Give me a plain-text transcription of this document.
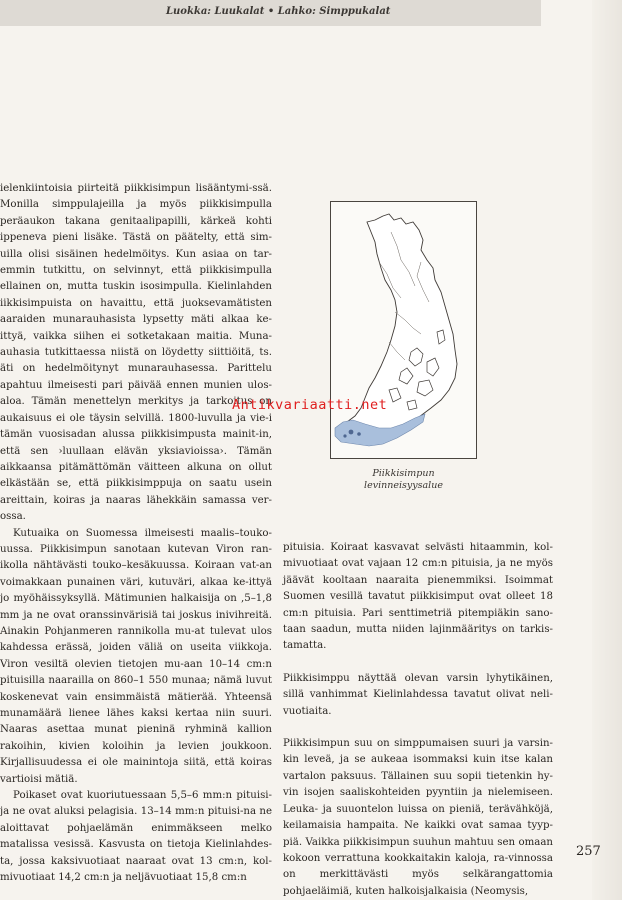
Luokka: Luukalat • Lahko: Simppukalat

ielenkiintoisia piirteitä piikkisimpun lisääntymi-ssä. Monilla simppulajeilla ja myös piikkisimpulla peräaukon takana genitaalipapilli, kärkeä kohti ippeneva pieni lisäke. Tästä on päätelty, että sim-uilla olisi sisäinen hedelmöitys. Kun asiaa on tar-emmin tutkittu, on selvinnyt, että piikkisimpulla ellainen on, mutta tuskin isosimpulla. Kielinlahden iikkisimpuista on havaittu, että juoksevamätisten aaraiden munarauhasista lypsetty mäti alkaa ke-ittyä, vaikka siihen ei sotketakaan maitia. Muna-auhasia tutkittaessa niistä on löydetty siittiöitä, ts. äti on hedelmöitynyt munarauhasessa. Parittelu apahtuu ilmeisesti pari päivää ennen munien ulos-aloa. Tämän menettelyn merkitys ja tarkoitus on aukaisuus ei ole täysin selvillä. 1800-luvulla ja vie-i tämän vuosisadan alussa piikkisimpusta mainit-in, että sen ›luullaan elävän yksiavioissa›. Tämän aikkaansa pitämättömän väitteen alkuna on ollut elkästään se, että piikkisimppuja on saatu usein areittain, koiras ja naaras lähekkäin samassa ver-ossa.

Kutuaika on Suomessa ilmeisesti maalis–touko-uussa. Piikkisimpun sanotaan kutevan Viron ran-ikolla nähtävästi touko–kesäkuussa. Koiraan vat-an voimakkaan punainen väri, kutuväri, alkaa ke-ittyä jo myöhäissyksyllä. Mätimunien halkaisija on ,5–1,8 mm ja ne ovat oranssinvärisiä tai joskus inivihreitä. Ainakin Pohjanmeren rannikolla mu-at tulevat ulos kahdessa erässä, joiden väliä on useita viikkoja. Viron vesiltä olevien tietojen mu-aan 10–14 cm:n pituisilla naarailla on 860–1 550 munaa; nämä luvut koskenevat vain ensimmäistä mätierää. Yhteensä munamäärä lienee lähes kaksi kertaa niin suuri. Naaras asettaa munat pieninä ryhminä kallion rakoihin, kivien koloihin ja levien joukkoon. Kirjallisuudessa ei ole mainintoja siitä, että koiras vartioisi mätiä.

Poikaset ovat kuoriutuessaan 5,5–6 mm:n pituisi-ja ne ovat aluksi pelagisia. 13–14 mm:n pituisi-na ne aloittavat pohjaelämän enimmäkseen melko matalissa vesissä. Kasvusta on tietoja Kielinlahdes-ta, jossa kaksivuotiaat naaraat ovat 13 cm:n, kol-mivuotiaat 14,2 cm:n ja neljävuotiaat 15,8 cm:n

Piikkisimpun
levinneisyysalue
Antikvariaatti.net

pituisia. Koiraat kasvavat selvästi hitaammin, kol-mivuotiaat ovat vajaan 12 cm:n pituisia, ja ne myös jäävät kooltaan naaraita pienemmiksi. Isoimmat Suomen vesillä tavatut piikkisimput ovat olleet 18 cm:n pituisia. Pari senttimetriä pitempiäkin sano-taan saadun, mutta niiden lajinmääritys on tarkis-tamatta.

Piikkisimppu näyttää olevan varsin lyhytikäinen, sillä vanhimmat Kielinlahdessa tavatut olivat neli-vuotiaita.

Piikkisimpun suu on simppumaisen suuri ja varsin-kin leveä, ja se aukeaa isommaksi kuin itse kalan vartalon paksuus. Tällainen suu sopii tietenkin hy-vin isojen saaliskohteiden pyyntiin ja nielemiseen. Leuka- ja suuontelon luissa on pieniä, terävähköjä, keilamaisia hampaita. Ne kaikki ovat samaa tyyp-piä. Vaikka piikkisimpun suuhun mahtuu sen omaan kokoon verrattuna kookkaitakin kaloja, ra-vinnossa on merkittävästi myös selkärangattomia pohjaeläimiä, kuten halkoisjalkaisia (Neomysis,

257
